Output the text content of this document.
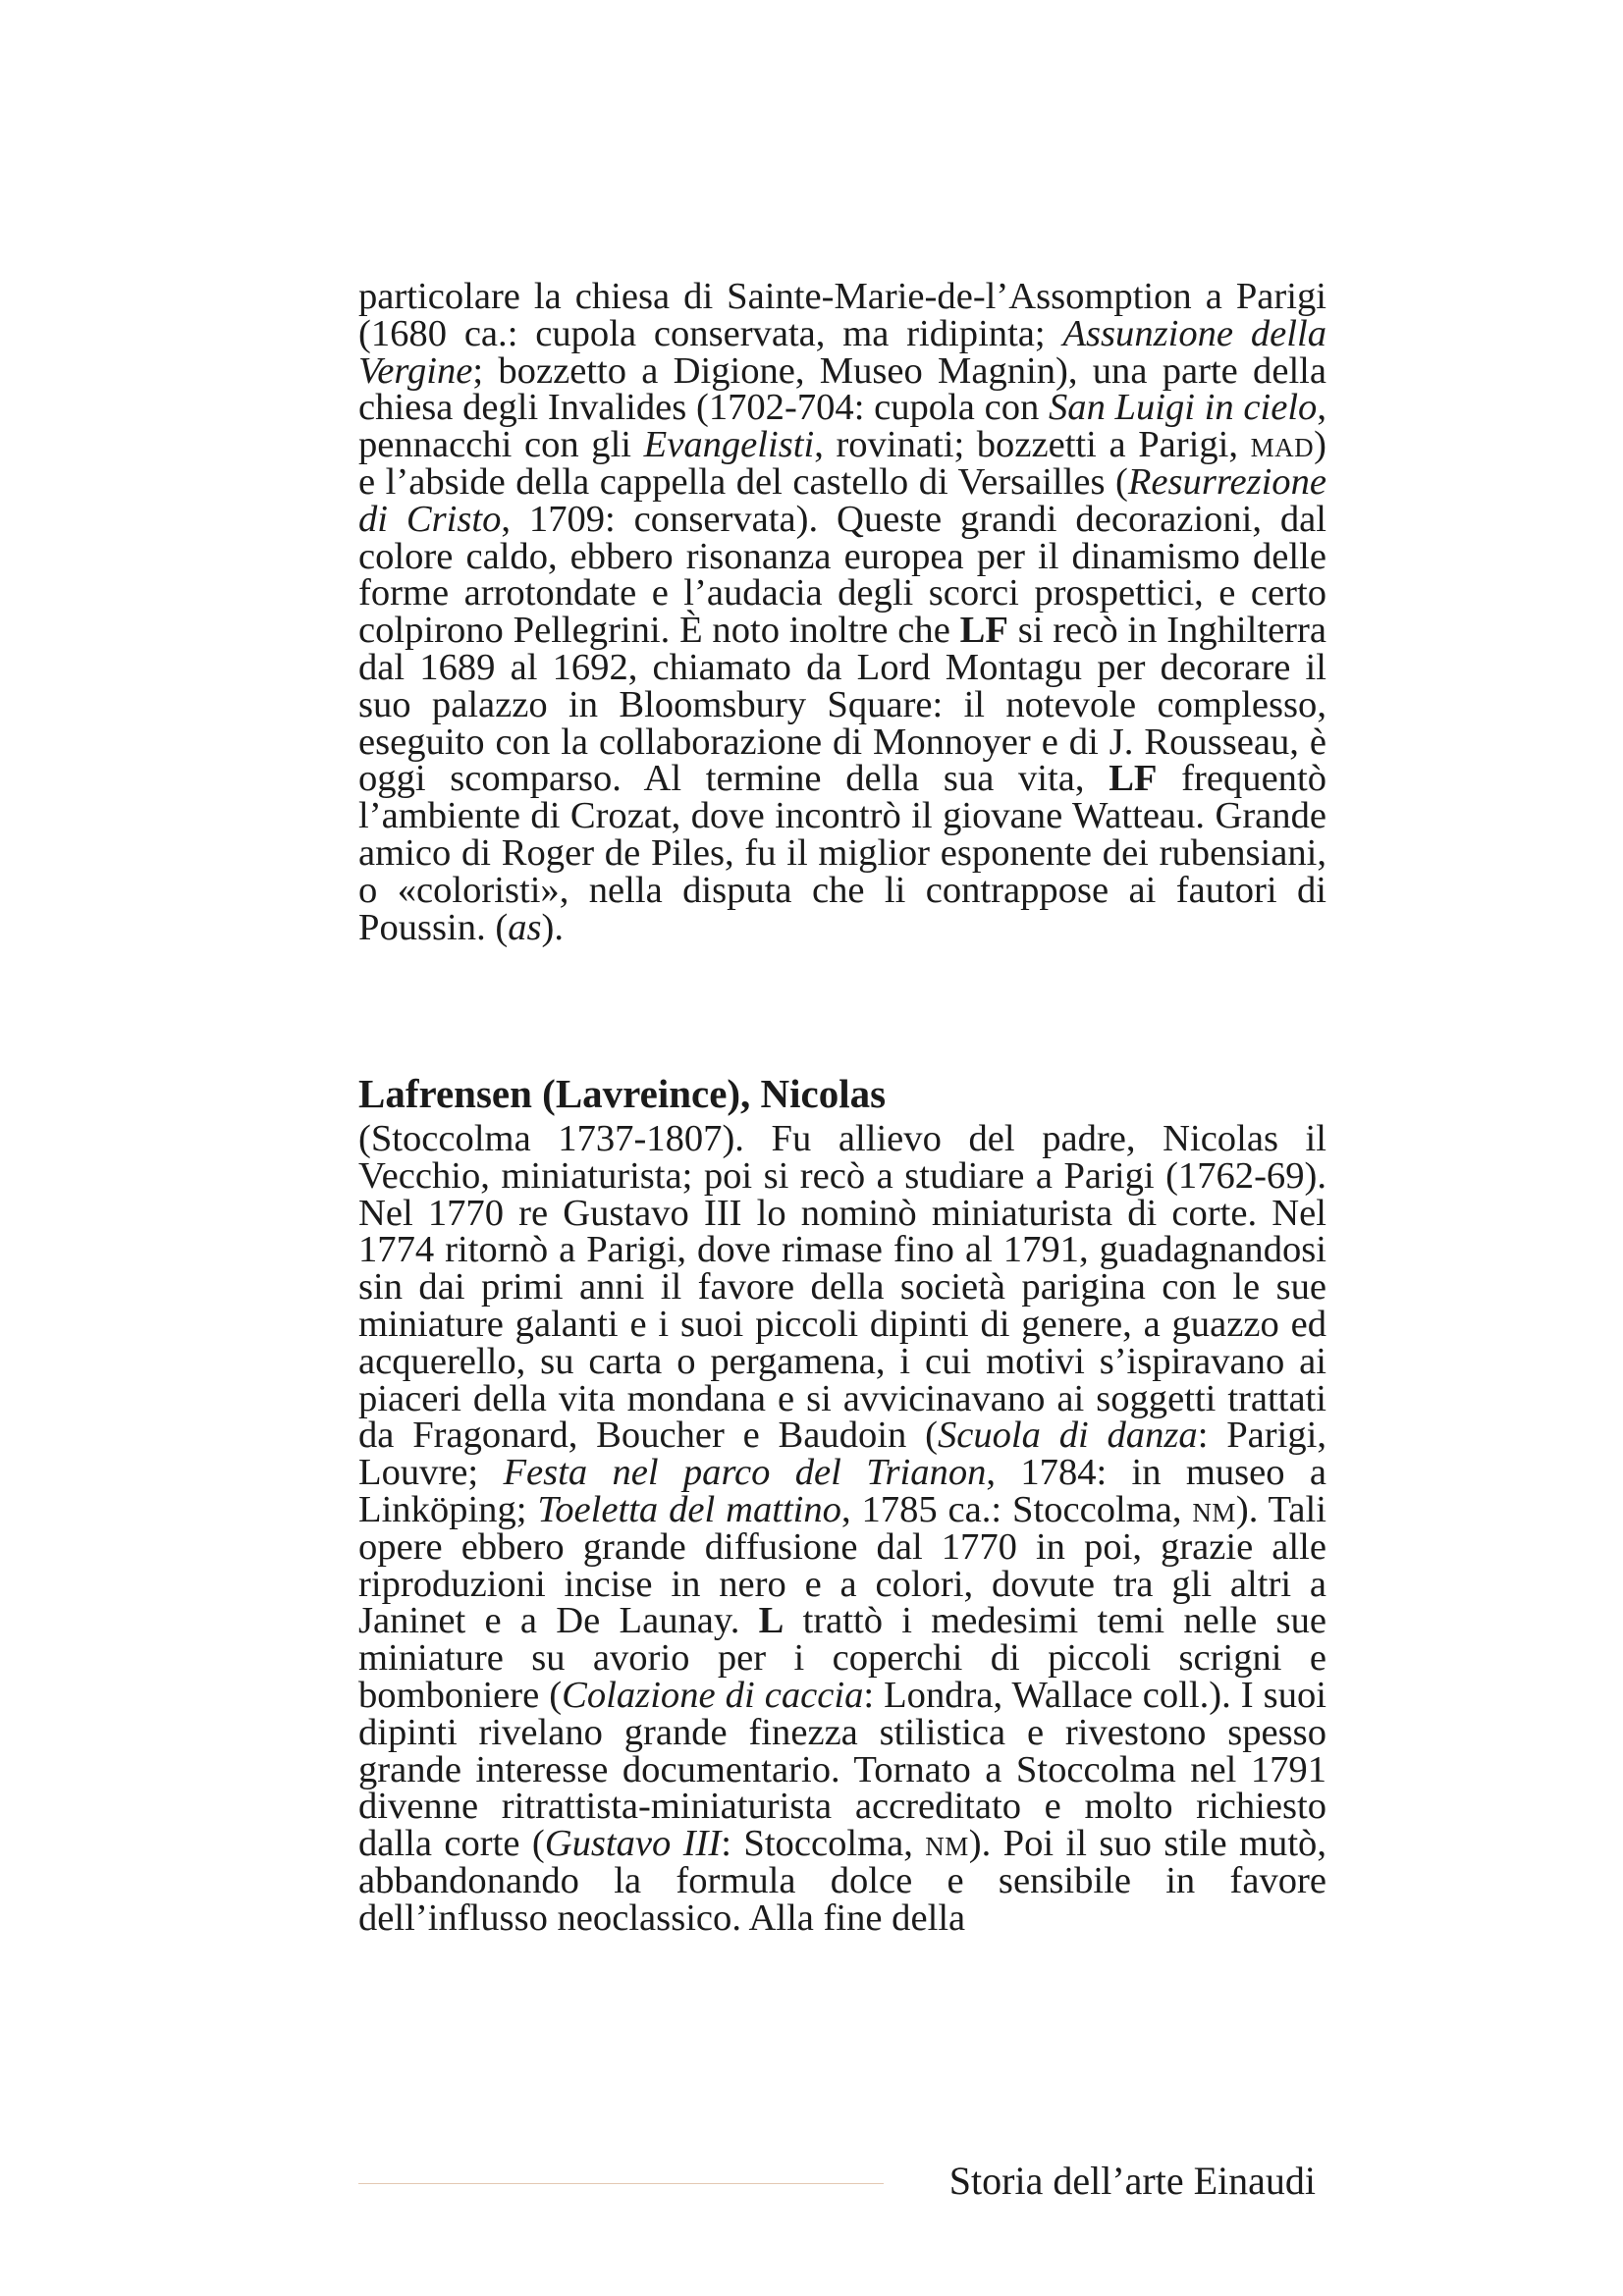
particolare la chiesa di Sainte-Marie-de-l’Assomption a Parigi (1680 ca.: cupola conservata, ma ridipinta; Assunzione della Vergine; bozzetto a Digione, Museo Magnin), una parte della chiesa degli Invalides (1702-704: cupola con San Luigi in cielo, pennacchi con gli Evangelisti, rovinati; bozzetti a Parigi, mad) e l’abside della cappella del castello di Versailles (Resurrezione di Cristo, 1709: conservata). Queste grandi decorazioni, dal colore caldo, ebbero risonanza europea per il dinamismo delle forme arrotondate e l’audacia degli scorci prospettici, e certo colpirono Pellegrini. È noto inoltre che LF si recò in Inghilterra dal 1689 al 1692, chiamato da Lord Montagu per decorare il suo palazzo in Bloomsbury Square: il notevole complesso, eseguito con la collaborazione di Monnoyer e di J. Rousseau, è oggi scomparso. Al termine della sua vita, LF frequentò l’ambiente di Crozat, dove incontrò il giovane Watteau. Grande amico di Roger de Piles, fu il miglior esponente dei rubensiani, o «coloristi», nella disputa che li contrappose ai fautori di Poussin. (as).

Lafrensen (Lavreince), Nicolas

(Stoccolma 1737-1807). Fu allievo del padre, Nicolas il Vecchio, miniaturista; poi si recò a studiare a Parigi (1762-69). Nel 1770 re Gustavo III lo nominò miniaturista di corte. Nel 1774 ritornò a Parigi, dove rimase fino al 1791, guadagnandosi sin dai primi anni il favore della società parigina con le sue miniature galanti e i suoi piccoli dipinti di genere, a guazzo ed acquerello, su carta o pergamena, i cui motivi s’ispiravano ai piaceri della vita mondana e si avvicinavano ai soggetti trattati da Fragonard, Boucher e Baudoin (Scuola di danza: Parigi, Louvre; Festa nel parco del Trianon, 1784: in museo a Linköping; Toeletta del mattino, 1785 ca.: Stoccolma, nm). Tali opere ebbero grande diffusione dal 1770 in poi, grazie alle riproduzioni incise in nero e a colori, dovute tra gli altri a Janinet e a De Launay. L trattò i medesimi temi nelle sue miniature su avorio per i coperchi di piccoli scrigni e bomboniere (Colazione di caccia: Londra, Wallace coll.). I suoi dipinti rivelano grande finezza stilistica e rivestono spesso grande interesse documentario. Tornato a Stoccolma nel 1791 divenne ritrattista-miniaturista accreditato e molto richiesto dalla corte (Gustavo III: Stoccolma, nm). Poi il suo stile mutò, abbandonando la formula dolce e sensibile in favore dell’influsso neoclassico. Alla fine della

Storia dell’arte Einaudi
